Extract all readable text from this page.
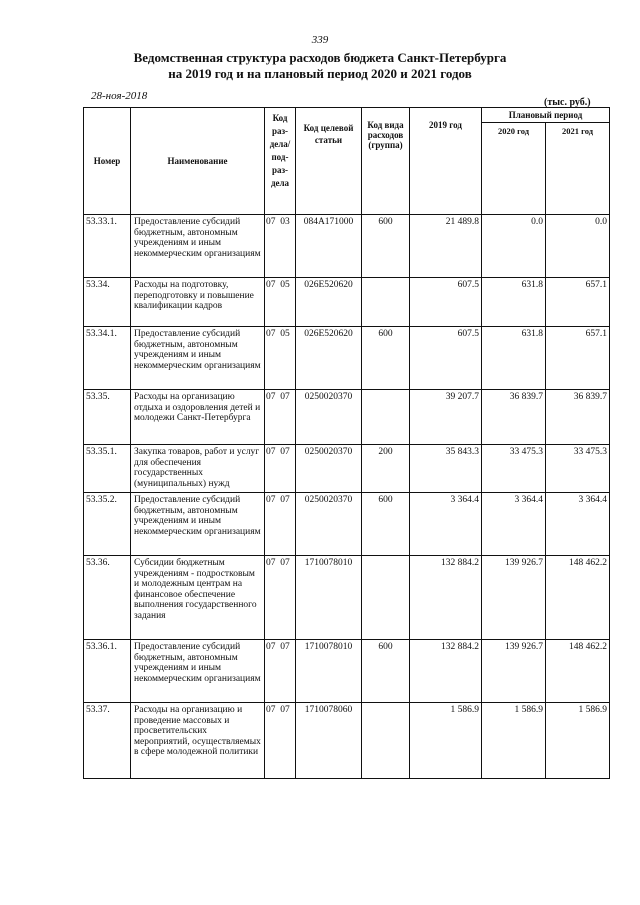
339
Ведомственная структура расходов бюджета Санкт-Петербурга
на 2019 год и на плановый период 2020 и 2021 годов
28-ноя-2018
(тыс. руб.)
Номер	Наименование	Код раз- дела/ под- раз- дела	Код целевой статьи	Код вида расходов (группа)	2019 год	Плановый период	
						2020 год	2021 год
53.33.1.	Предоставление субсидий бюджетным, автономным учреждениям и иным некоммерческим организациям	07 03	084А171000	600	21 489.8	0.0	0.0
53.34.	Расходы на подготовку, переподготовку и повышение квалификации кадров	07 05	026Е520620		607.5	631.8	657.1
53.34.1.	Предоставление субсидий бюджетным, автономным учреждениям и иным некоммерческим организациям	07 05	026Е520620	600	607.5	631.8	657.1
53.35.	Расходы на организацию отдыха и оздоровления детей и молодежи Санкт-Петербурга	07 07	0250020370		39 207.7	36 839.7	36 839.7
53.35.1.	Закупка товаров, работ и услуг для обеспечения государственных (муниципальных) нужд	07 07	0250020370	200	35 843.3	33 475.3	33 475.3
53.35.2.	Предоставление субсидий бюджетным, автономным учреждениям и иным некоммерческим организациям	07 07	0250020370	600	3 364.4	3 364.4	3 364.4
53.36.	Субсидии бюджетным учреждениям - подростковым и молодежным центрам на финансовое обеспечение выполнения государственного задания	07 07	1710078010		132 884.2	139 926.7	148 462.2
53.36.1.	Предоставление субсидий бюджетным, автономным учреждениям и иным некоммерческим организациям	07 07	1710078010	600	132 884.2	139 926.7	148 462.2
53.37.	Расходы на организацию и проведение массовых и просветительских мероприятий, осуществляемых в сфере молодежной политики	07 07	1710078060		1 586.9	1 586.9	1 586.9
